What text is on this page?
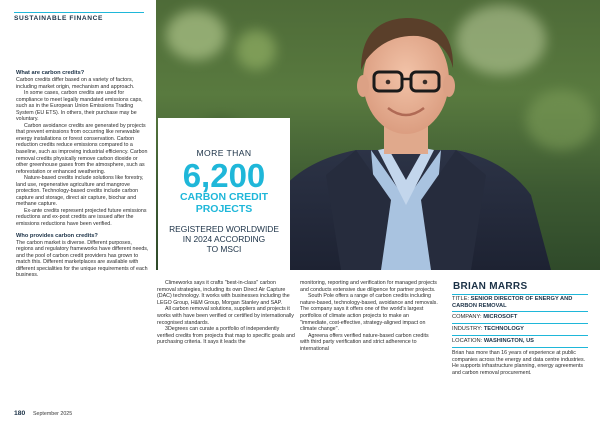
SUSTAINABLE FINANCE
What are carbon credits?

Carbon credits differ based on a variety of factors, including market origin, mechanism and approach.

In some cases, carbon credits are used for compliance to meet legally mandated emissions caps, such as in the European Union Emissions Trading System (EU ETS). In others, their purchase may be voluntary.

Carbon avoidance credits are generated by projects that prevent emissions from occurring like renewable energy installations or forest conservation. Carbon reduction credits reduce emissions compared to a baseline, such as improving industrial efficiency. Carbon removal credits physically remove carbon dioxide or other greenhouse gases from the atmosphere, such as reforestation or enhanced weathering.

Nature-based credits include solutions like forestry, land use, regenerative agriculture and mangrove protection. Technology-based credits include carbon capture and storage, direct air capture, biochar and methane capture.

Ex-ante credits represent projected future emissions reductions and ex-post credits are issued after the emissions reductions have been verified.

Who provides carbon credits?

The carbon market is diverse. Different purposes, regions and regulatory frameworks have different needs, and the pool of carbon credit providers has grown to match this. Different marketplaces are available with different specialities for the unique requirements of each business.

MORE THAN
6,200
CARBON CREDIT
PROJECTS
REGISTERED WORLDWIDE
IN 2024 ACCORDING
TO MSCI

Climeworks says it crafts "best-in-class" carbon removal strategies, including its own Direct Air Capture (DAC) technology. It works with businesses including the LEGO Group, H&M Group, Morgan Stanley and SAP.

All carbon removal solutions, suppliers and projects it works with have been verified or certified by internationally recognised standards.

3Degrees can curate a portfolio of independently verified credits from projects that map to specific goals and purchasing criteria. It says it leads the

monitoring, reporting and verification for managed projects and conducts extensive due diligence for partner projects.

South Pole offers a range of carbon credits including nature-based, technology-based, avoidance and removals. The company says it offers one of the world's largest portfolios of climate action projects to make an "immediate, cost-effective, strategy-aligned impact on climate change".

Agreena offers verified nature-based carbon credits with third party verification and strict adherence to international

BRIAN MARRS
TITLE: SENIOR DIRECTOR OF ENERGY AND CARBON REMOVAL
COMPANY: MICROSOFT
INDUSTRY: TECHNOLOGY
LOCATION: WASHINGTON, US
Brian has more than 16 years of experience at public companies across the energy and data centre industries. He supports infrastructure planning, energy agreements and carbon removal procurement.
180 September 2025
